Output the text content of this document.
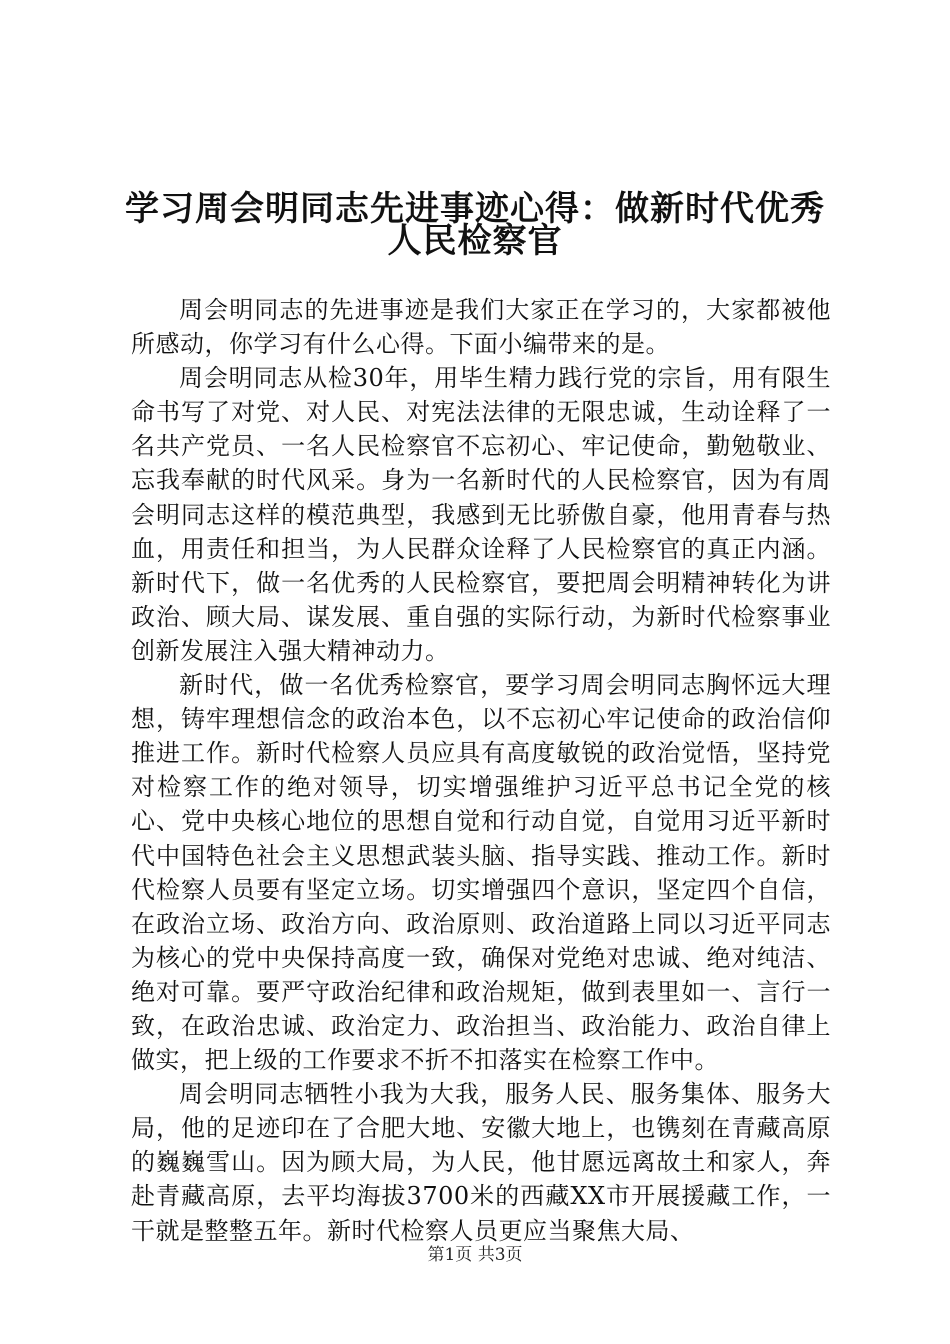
学习周会明同志先进事迹心得：做新时代优秀
人民检察官

周会明同志的先进事迹是我们大家正在学习的，大家都被他所感动，你学习有什么心得。下面小编带来的是。

周会明同志从检30年，用毕生精力践行党的宗旨，用有限生命书写了对党、对人民、对宪法法律的无限忠诚，生动诠释了一名共产党员、一名人民检察官不忘初心、牢记使命，勤勉敬业、忘我奉献的时代风采。身为一名新时代的人民检察官，因为有周会明同志这样的模范典型，我感到无比骄傲自豪，他用青春与热血，用责任和担当，为人民群众诠释了人民检察官的真正内涵。新时代下，做一名优秀的人民检察官，要把周会明精神转化为讲政治、顾大局、谋发展、重自强的实际行动，为新时代检察事业创新发展注入强大精神动力。

新时代，做一名优秀检察官，要学习周会明同志胸怀远大理想，铸牢理想信念的政治本色，以不忘初心牢记使命的政治信仰推进工作。新时代检察人员应具有高度敏锐的政治觉悟，坚持党对检察工作的绝对领导，切实增强维护习近平总书记全党的核心、党中央核心地位的思想自觉和行动自觉，自觉用习近平新时代中国特色社会主义思想武装头脑、指导实践、推动工作。新时代检察人员要有坚定立场。切实增强四个意识，坚定四个自信，在政治立场、政治方向、政治原则、政治道路上同以习近平同志为核心的党中央保持高度一致，确保对党绝对忠诚、绝对纯洁、绝对可靠。要严守政治纪律和政治规矩，做到表里如一、言行一致，在政治忠诚、政治定力、政治担当、政治能力、政治自律上做实，把上级的工作要求不折不扣落实在检察工作中。

周会明同志牺牲小我为大我，服务人民、服务集体、服务大局，他的足迹印在了合肥大地、安徽大地上，也镌刻在青藏高原的巍巍雪山。因为顾大局，为人民，他甘愿远离故土和家人，奔赴青藏高原，去平均海拔3700米的西藏XX市开展援藏工作，一干就是整整五年。新时代检察人员更应当聚焦大局、

第1页 共3页
